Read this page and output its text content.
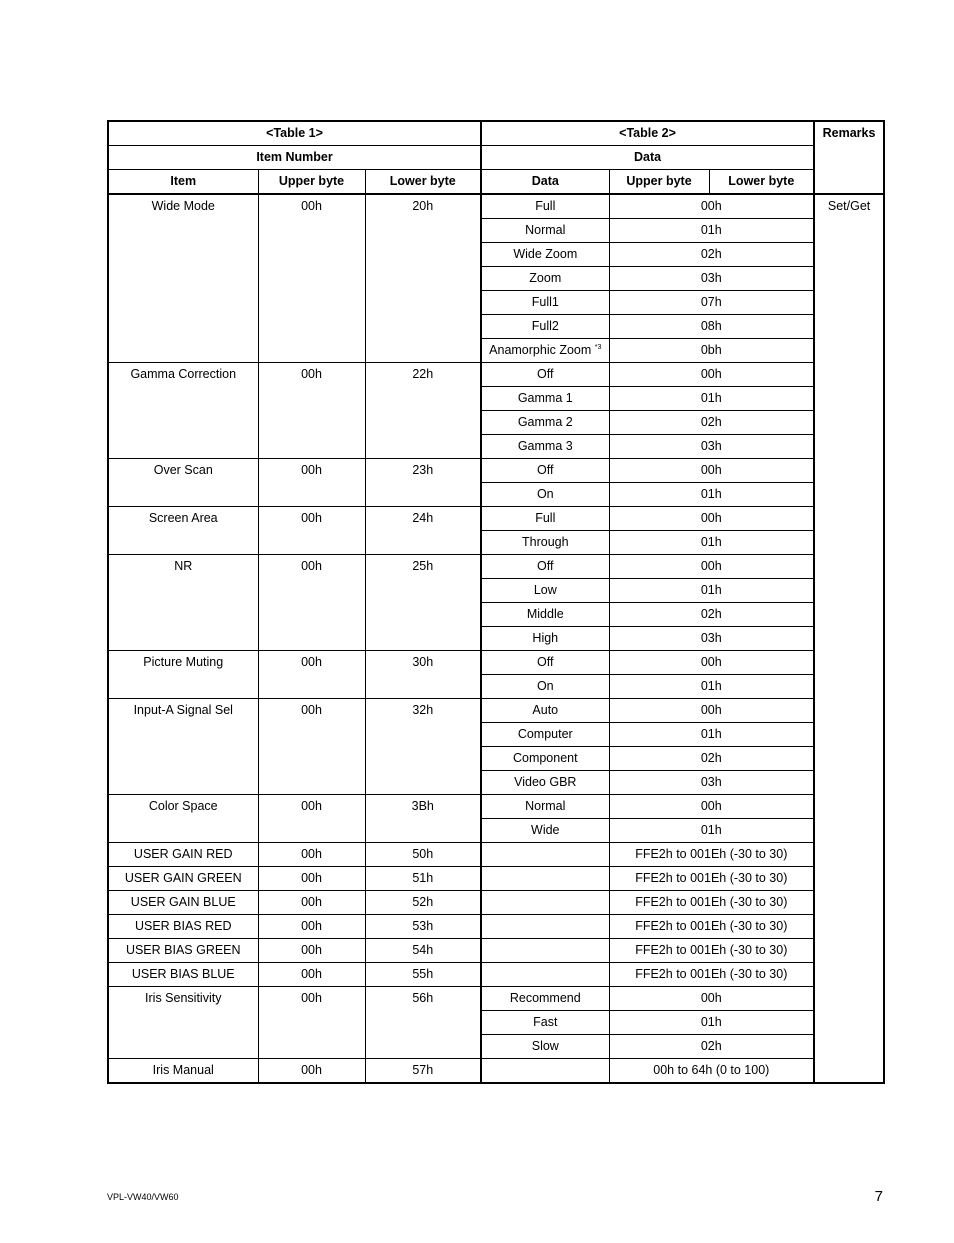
<Table 1>			<Table 2>			Remarks
Item Number			Data			
Item	Upper byte	Lower byte	Data	Upper byte	Lower byte	
Wide Mode	00h	20h	Full	00h		Set/Get
			Normal	01h		
			Wide Zoom	02h		
			Zoom	03h		
			Full1	07h		
			Full2	08h		
			Anamorphic Zoom $^{*3}$	0bh		
Gamma Correction	00h	22h	Off	00h		
			Gamma 1	01h		
			Gamma 2	02h		
			Gamma 3	03h		
Over Scan	00h	23h	Off	00h		
			On	01h		
Screen Area	00h	24h	Full	00h		
			Through	01h		
NR	00h	25h	Off	00h		
			Low	01h		
			Middle	02h		
			High	03h		
Picture Muting	00h	30h	Off	00h		
			On	01h		
Input-A Signal Sel	00h	32h	Auto	00h		
			Computer	01h		
			Component	02h		
			Video GBR	03h		
Color Space	00h	3Bh	Normal	00h		
			Wide	01h		
USER GAIN RED	00h	50h		FFE2h to 001Eh (-30 to 30)		
USER GAIN GREEN	00h	51h		FFE2h to 001Eh (-30 to 30)		
USER GAIN BLUE	00h	52h		FFE2h to 001Eh (-30 to 30)		
USER BIAS RED	00h	53h		FFE2h to 001Eh (-30 to 30)		
USER BIAS GREEN	00h	54h		FFE2h to 001Eh (-30 to 30)		
USER BIAS BLUE	00h	55h		FFE2h to 001Eh (-30 to 30)		
Iris Sensitivity	00h	56h	Recommend	00h		
			Fast	01h		
			Slow	02h		
Iris Manual	00h	57h		00h to 64h (0 to 100)		
VPL-VW40/VW60	7
